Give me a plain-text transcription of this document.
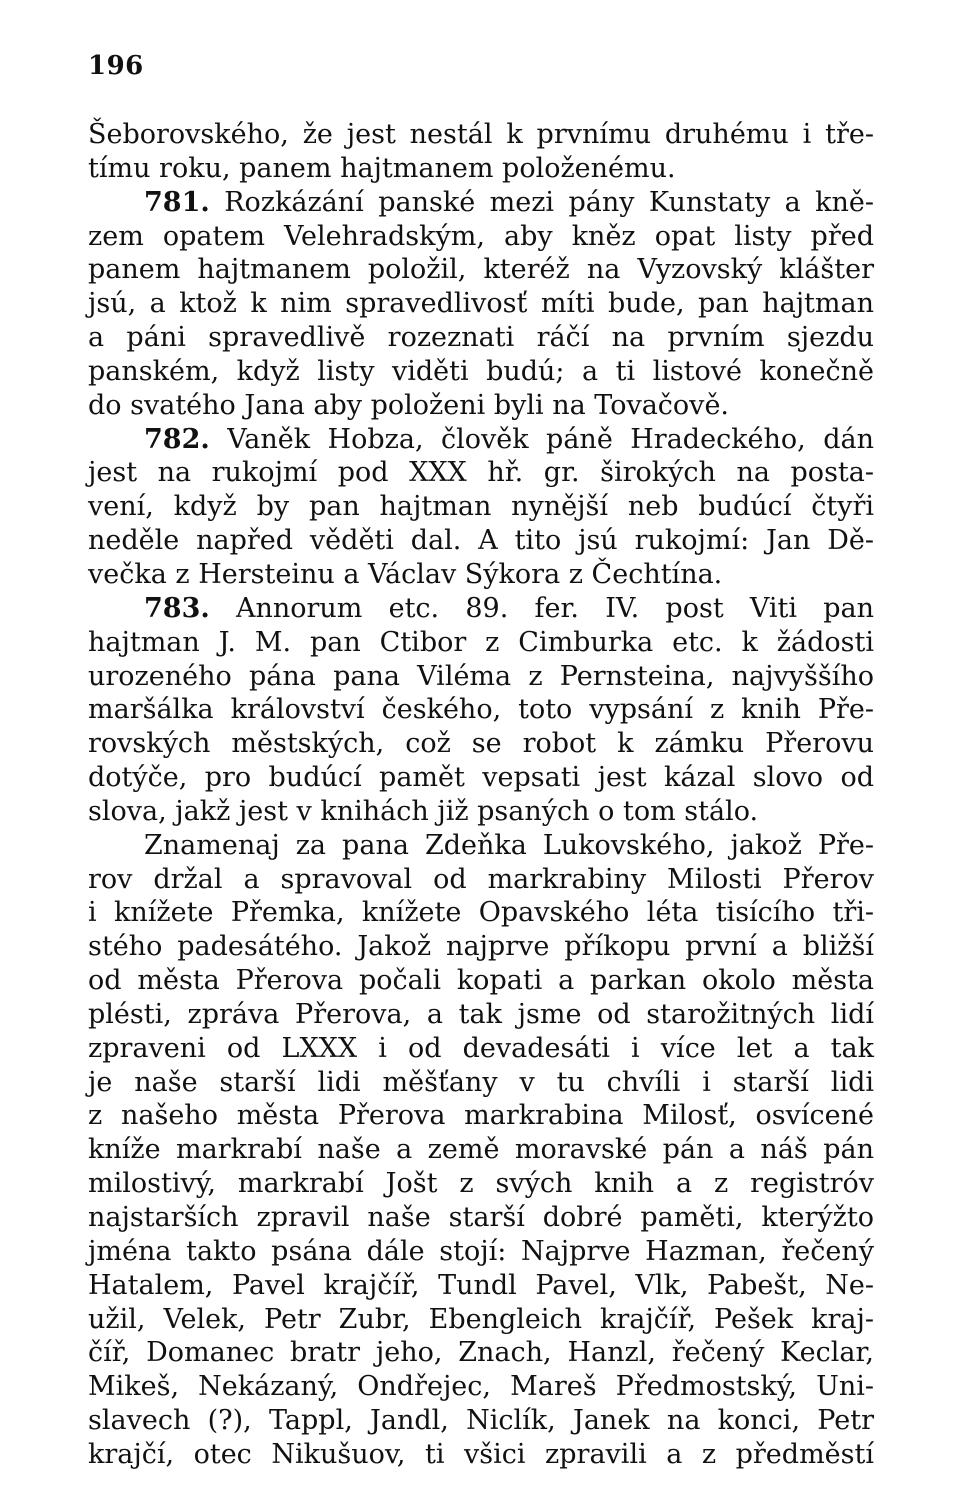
196
Šeborovského, že jest nestál k prvnímu druhému i tře-
tímu roku, panem hajtmanem položenému.
781. Rozkázání panské mezi pány Kunstaty a kně-
zem opatem Velehradským, aby kněz opat listy před
panem hajtmanem položil, kteréž na Vyzovský klášter
jsú, a ktož k nim spravedlivosť míti bude, pan hajtman
a páni spravedlivě rozeznati ráčí na prvním sjezdu
panském, když listy viděti budú; a ti listové konečně
do svatého Jana aby položeni byli na Tovačově.
782. Vaněk Hobza, člověk páně Hradeckého, dán
jest na rukojmí pod XXX hř. gr. širokých na posta-
vení, když by pan hajtman nynější neb budúcí čtyři
neděle napřed věděti dal. A tito jsú rukojmí: Jan Dě-
večka z Hersteinu a Václav Sýkora z Čechtína.
783. Annorum etc. 89. fer. IV. post Viti pan
hajtman J. M. pan Ctibor z Cimburka etc. k žádosti
urozeného pána pana Viléma z Pernsteina, najvyššího
maršálka království českého, toto vypsání z knih Pře-
rovských městských, což se robot k zámku Přerovu
dotýče, pro budúcí pamět vepsati jest kázal slovo od
slova, jakž jest v knihách již psaných o tom stálo.
Znamenaj za pana Zdeňka Lukovského, jakož Pře-
rov držal a spravoval od markrabiny Milosti Přerov
i knížete Přemka, knížete Opavského léta tisícího tři-
stého padesátého. Jakož najprve příkopu první a bližší
od města Přerova počali kopati a parkan okolo města
plésti, zpráva Přerova, a tak jsme od starožitných lidí
zpraveni od LXXX i od devadesáti i více let a tak
je naše starší lidi měšťany v tu chvíli i starší lidi
z našeho města Přerova markrabina Milosť, osvícené
kníže markrabí naše a země moravské pán a náš pán
milostivý, markrabí Jošt z svých knih a z registróv
najstarších zpravil naše starší dobré paměti, kterýžto
jména takto psána dále stojí: Najprve Hazman, řečený
Hatalem, Pavel krajčíř, Tundl Pavel, Vlk, Pabešt, Ne-
užil, Velek, Petr Zubr, Ebengleich krajčíř, Pešek kraj-
číř, Domanec bratr jeho, Znach, Hanzl, řečený Keclar,
Mikeš, Nekázaný, Ondřejec, Mareš Předmostský, Uni-
slavech (?), Tappl, Jandl, Niclík, Janek na konci, Petr
krajčí, otec Nikušuov, ti všici zpravili a z předměstí
